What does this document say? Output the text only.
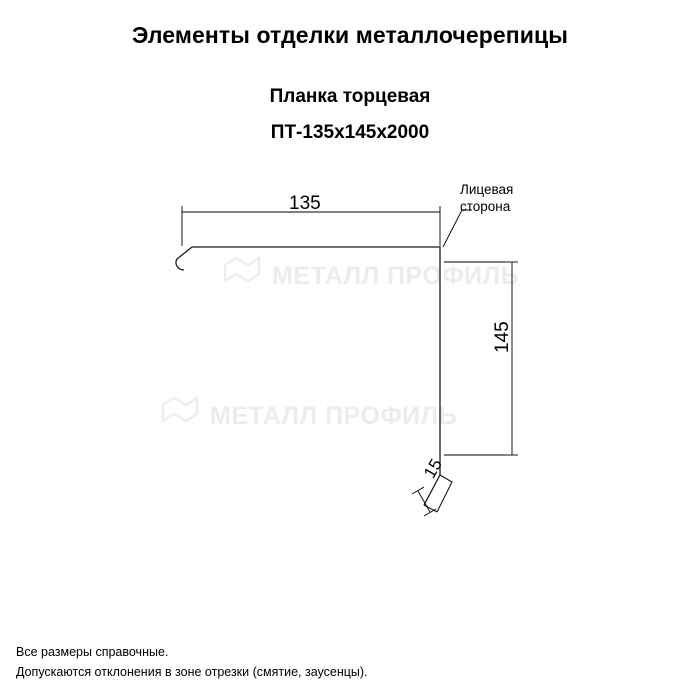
Элементы отделки металлочерепицы
Планка торцевая
ПТ-135х145х2000
МЕТАЛЛ ПРОФИЛЬ
МЕТАЛЛ ПРОФИЛЬ
135
145
15
Лицевая
сторона
Все размеры справочные.
Допускаются отклонения в зоне отрезки (смятие, заусенцы).
